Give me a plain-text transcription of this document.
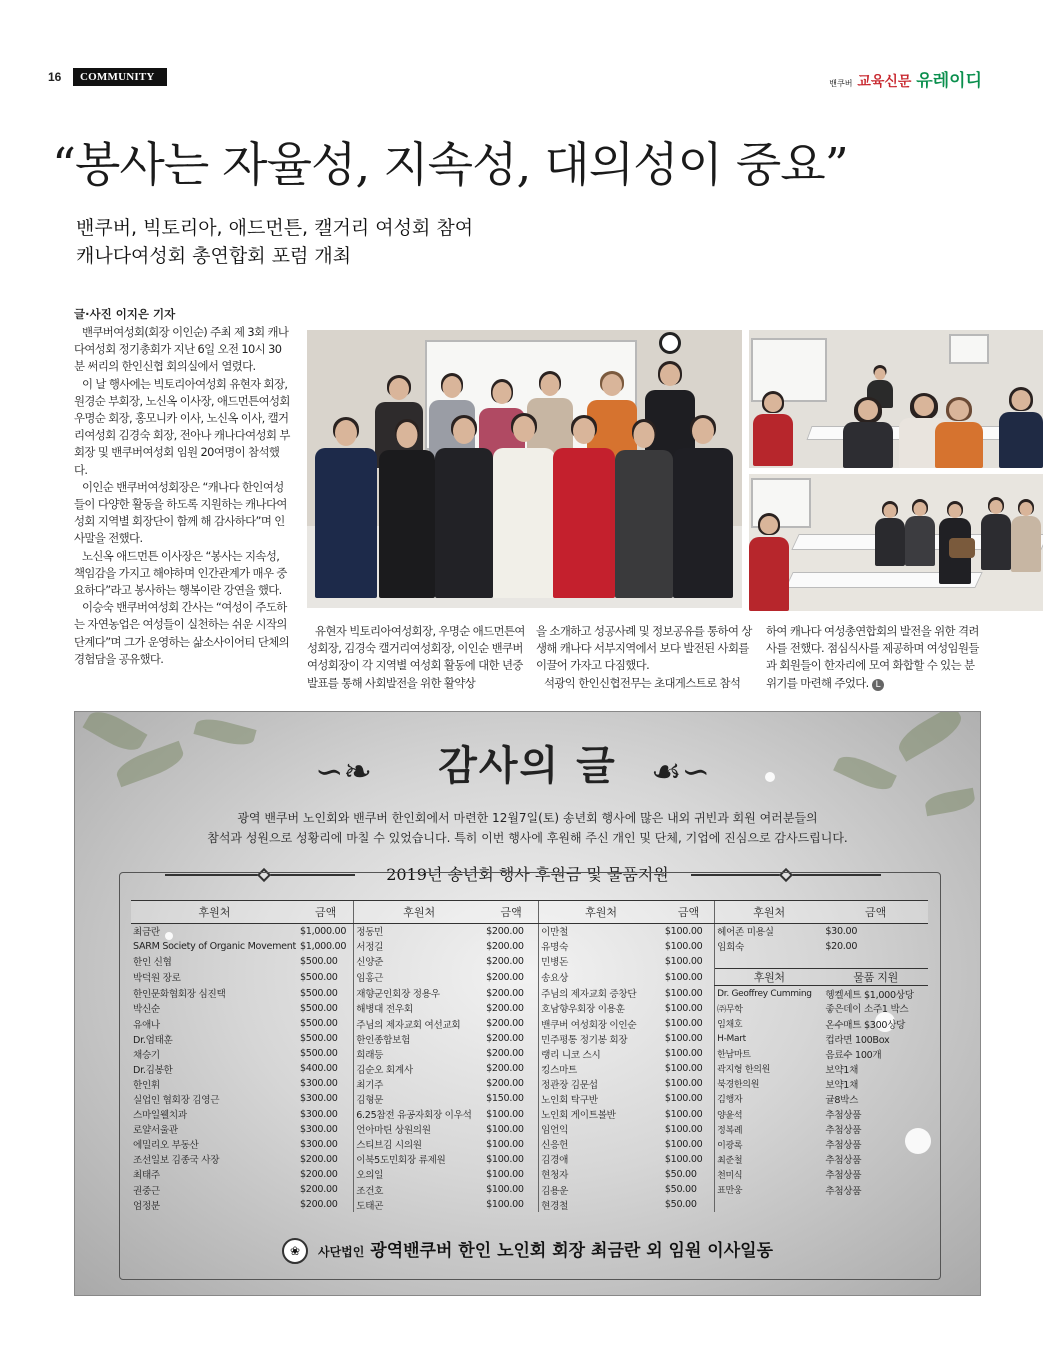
16	COMMUNITY
밴쿠버 교육신문 유레이디
“봉사는 자율성, 지속성, 대의성이 중요”
밴쿠버, 빅토리아, 애드먼튼, 캘거리 여성회 참여
캐나다여성회 총연합회 포럼 개최
글·사진 이지은 기자

밴쿠버여성회(회장 이인순) 주최 제 3회 캐나다여성회 정기총회가 지난 6일 오전 10시 30분 써리의 한인신협 회의실에서 열렸다.

이 날 행사에는 빅토리아여성회 유현자 회장, 원경순 부회장, 노신옥 이사장, 애드먼튼여성회 우명순 회장, 홍모니카 이사, 노신옥 이사, 캘거리여성회 김경숙 회장, 전아나 캐나다여성회 부회장 및 밴쿠버여성회 임원 20여명이 참석했다.

이인순 밴쿠버여성회장은 “캐나다 한인여성들이 다양한 활동을 하도록 지원하는 캐나다여성회 지역별 회장단이 함께 해 감사하다”며 인사말을 전했다.

노신옥 애드먼튼 이사장은 “봉사는 지속성, 책임감을 가지고 해야하며 인간관계가 매우 중요하다”라고 봉사하는 행복이란 강연을 했다.

이승숙 밴쿠버여성회 간사는 “여성이 주도하는 자연농업은 여성들이 실천하는 쉬운 시작의 단계다”며 그가 운영하는 삶소사이어티 단체의 경험담을 공유했다.

유현자 빅토리아여성회장, 우명순 애드먼튼여성회장, 김경숙 캘거리여성회장, 이인순 밴쿠버여성회장이 각 지역별 여성회 활동에 대한 년중 발표를 통해 사회발전을 위한 활약상

을 소개하고 성공사례 및 정보공유를 통하여 상생해 캐나다 서부지역에서 보다 발전된 사회를 이끌어 가자고 다짐했다.

석광익 한인신협전무는 초대게스트로 참석

하여 캐나다 여성총연합회의 발전을 위한 격려사를 전했다. 점심식사를 제공하며 여성임원들과 회원들이 한자리에 모여 화합할 수 있는 분위기를 마련해 주었다. L

∽❧	감사의 글	☙∽
광역 밴쿠버 노인회와 밴쿠버 한인회에서 마련한 12월7일(토) 송년회 행사에 많은 내외 귀빈과 회원 여러분들의
참석과 성원으로 성황리에 마칠 수 있었습니다. 특히 이번 행사에 후원해 주신 개인 및 단체, 기업에 진심으로 감사드립니다.
2019년 송년회 행사 후원금 및 물품지원
후원처	금액	후원처	금액	후원처	금액	후원처	금액
최금란	$1,000.00	정동민	$200.00	이만철	$100.00	헤어존 미용실	$30.00
SARM Society of Organic Movement	$1,000.00	서정길	$200.00	유명숙	$100.00	임희숙	$20.00
한인 신협	$500.00	신양준	$200.00	민병돈	$100.00		
박덕원 장로	$500.00	임홍근	$200.00	송요상	$100.00	후원처	물품 지원
한인문화협회장 심진택	$500.00	재향군인회장 정용우	$200.00	주님의 제자교회 증창단	$100.00	Dr. Geoffrey Cumming	헹켈세트 $1,000상당
박신순	$500.00	해병대 전우회	$200.00	호남향우회장 이용훈	$100.00	㈜무학	좋은데이 소주1 박스
유애나	$500.00	주님의 제자교회 여선교회	$200.00	밴쿠버 여성회장 이인순	$100.00	임채호	온수매트 $300상당
Dr.엄태훈	$500.00	한인종합보험	$200.00	민주평통 정기봉 회장	$100.00	H-Mart	컵라면 100Box
채승기	$500.00	희래등	$200.00	랭리 니코 스시	$100.00	한남마트	음료수 100개
Dr.김봉한	$400.00	김순오 회계사	$200.00	킹스마트	$100.00	곽지형 한의원	보약1채
한인휘	$300.00	최기주	$200.00	정관장 김문섭	$100.00	북경한의원	보약1채
실업인 협회장 김영근	$300.00	김형문	$150.00	노인회 탁구반	$100.00	김행자	귤8박스
스마일웰치과	$300.00	6.25참전 유공자회장 이우석	$100.00	노인회 게이트볼반	$100.00	양윤석	추첨상품
로얄서울관	$300.00	언아마틴 상원의원	$100.00	임언익	$100.00	정복례	추첨상품
에밀리오 부동산	$300.00	스티브김 시의원	$100.00	신응헌	$100.00	이광록	추첨상품
조선일보 김종국 사장	$200.00	이북5도민회장 류제원	$100.00	김경애	$100.00	최준철	추첨상품
최태주	$200.00	오의일	$100.00	현청자	$50.00	천미식	추첨상품
권중근	$200.00	조건호	$100.00	김용운	$50.00	표만웅	추첨상품
엄정분	$200.00	도태곤	$100.00	현경철	$50.00		
❀ 사단법인 광역밴쿠버 한인 노인회 회장 최금란 외 임원 이사일동
